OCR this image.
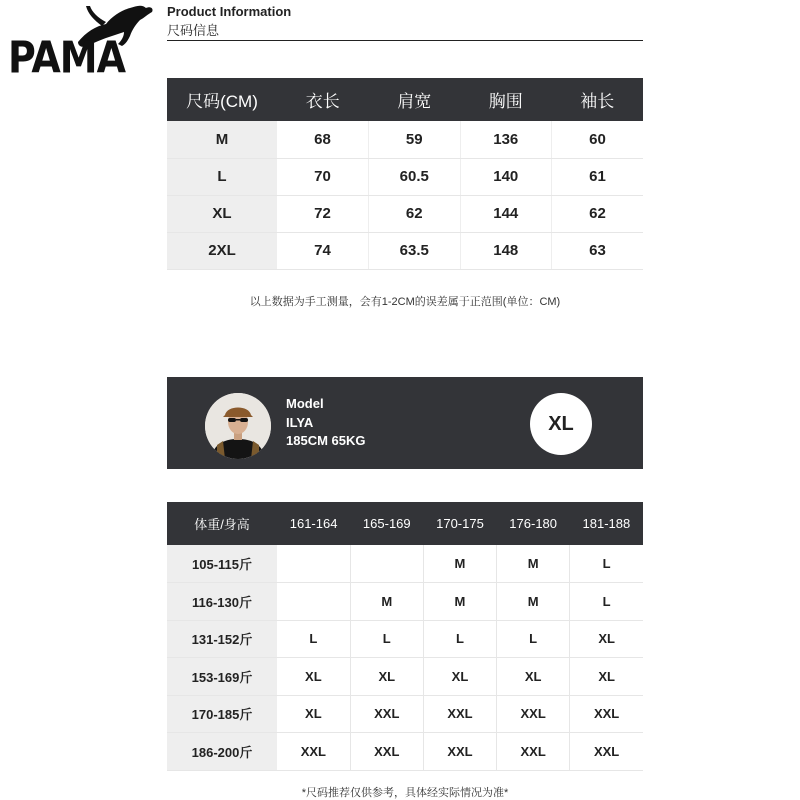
PAMA
Product Information
尺码信息
尺码(CM)	衣长	肩宽	胸围	袖长
M	68	59	136	60
L	70	60.5	140	61
XL	72	62	144	62
2XL	74	63.5	148	63
以上数据为手工测量，会有1-2CM的误差属于正范围(单位：CM)
Model
ILYA
185CM 65KG
XL
体重/身高	161-164	165-169	170-175	176-180	181-188
105-115斤			M	M	L
116-130斤		M	M	M	L
131-152斤	L	L	L	L	XL
153-169斤	XL	XL	XL	XL	XL
170-185斤	XL	XXL	XXL	XXL	XXL
186-200斤	XXL	XXL	XXL	XXL	XXL
*尺码推荐仅供参考，具体经实际情况为准*
